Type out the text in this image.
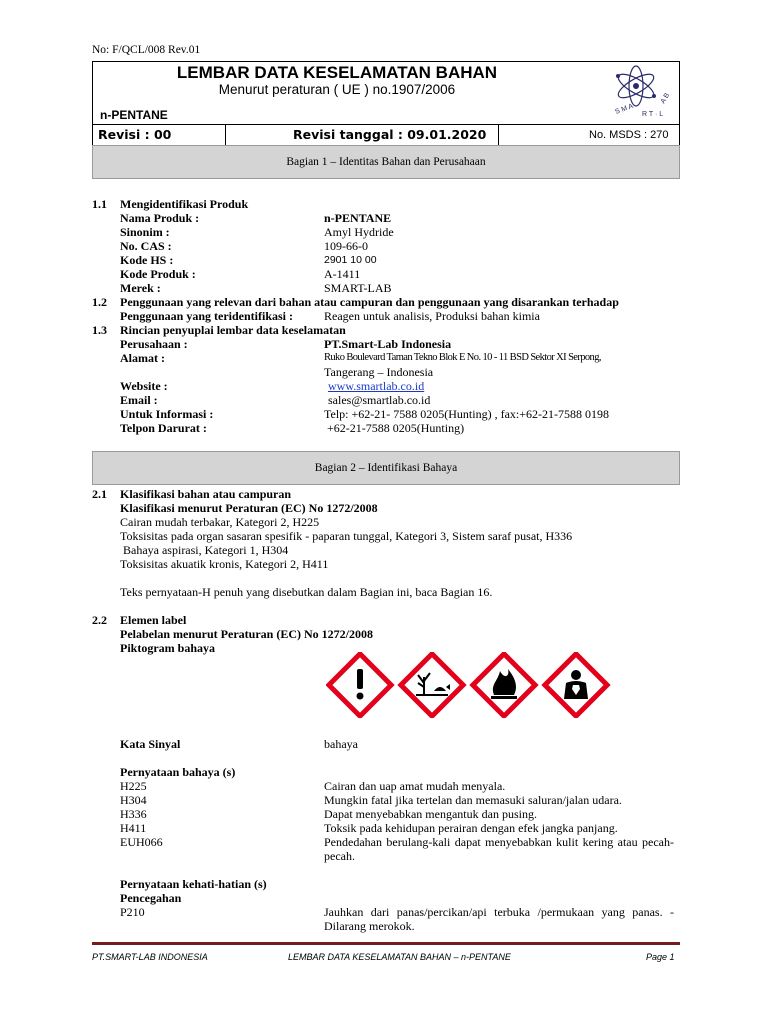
No: F/QCL/008 Rev.01
LEMBAR DATA KESELAMATAN BAHAN
Menurut peraturan ( UE ) no.1907/2006
n-PENTANE	S M A R T · L
A B
Revisi : 00	Revisi tanggal : 09.01.2020	No. MSDS : 270
Bagian 1 – Identitas Bahan dan Perusahaan
1.1 Mengidentifikasi Produk
Nama Produk :	n-PENTANE
Sinonim :	Amyl Hydride
No. CAS :	109-66-0
Kode HS :	2901 10 00
Kode Produk :	A-1411
Merek :	SMART-LAB
1.2 Penggunaan yang relevan dari bahan atau campuran dan penggunaan yang disarankan terhadap
Penggunaan yang teridentifikasi :	Reagen untuk analisis, Produksi bahan kimia
1.3 Rincian penyuplai lembar data keselamatan
Perusahaan :	PT.Smart-Lab Indonesia
Alamat :	Ruko Boulevard Taman Tekno Blok E No. 10 - 11 BSD Sektor XI Serpong,
Tangerang – Indonesia
Website :	www.smartlab.co.id
Email :	sales@smartlab.co.id
Untuk Informasi :	Telp: +62-21- 7588 0205(Hunting) , fax:+62-21-7588 0198
Telpon Darurat :	+62-21-7588 0205(Hunting)
Bagian 2 – Identifikasi Bahaya
2.1 Klasifikasi bahan atau campuran
Klasifikasi menurut Peraturan (EC) No 1272/2008
Cairan mudah terbakar, Kategori 2, H225
Toksisitas pada organ sasaran spesifik - paparan tunggal, Kategori 3, Sistem saraf pusat, H336
Bahaya aspirasi, Kategori 1, H304
Toksisitas akuatik kronis, Kategori 2, H411
Teks pernyataan-H penuh yang disebutkan dalam Bagian ini, baca Bagian 16.
2.2 Elemen label
Pelabelan menurut Peraturan (EC) No 1272/2008
Piktogram bahaya
Kata Sinyal	bahaya
Pernyataan bahaya (s)
H225	Cairan dan uap amat mudah menyala.
H304	Mungkin fatal jika tertelan dan memasuki saluran/jalan udara.
H336	Dapat menyebabkan mengantuk dan pusing.
H411	Toksik pada kehidupan perairan dengan efek jangka panjang.
EUH066	Pendedahan berulang-kali dapat menyebabkan kulit kering atau pecah-pecah.
Pernyataan kehati-hatian (s)
Pencegahan
P210	Jauhkan dari panas/percikan/api terbuka /permukaan yang panas. - Dilarang merokok.
PT.SMART-LAB INDONESIA	LEMBAR DATA KESELAMATAN BAHAN – n-PENTANE	Page 1
